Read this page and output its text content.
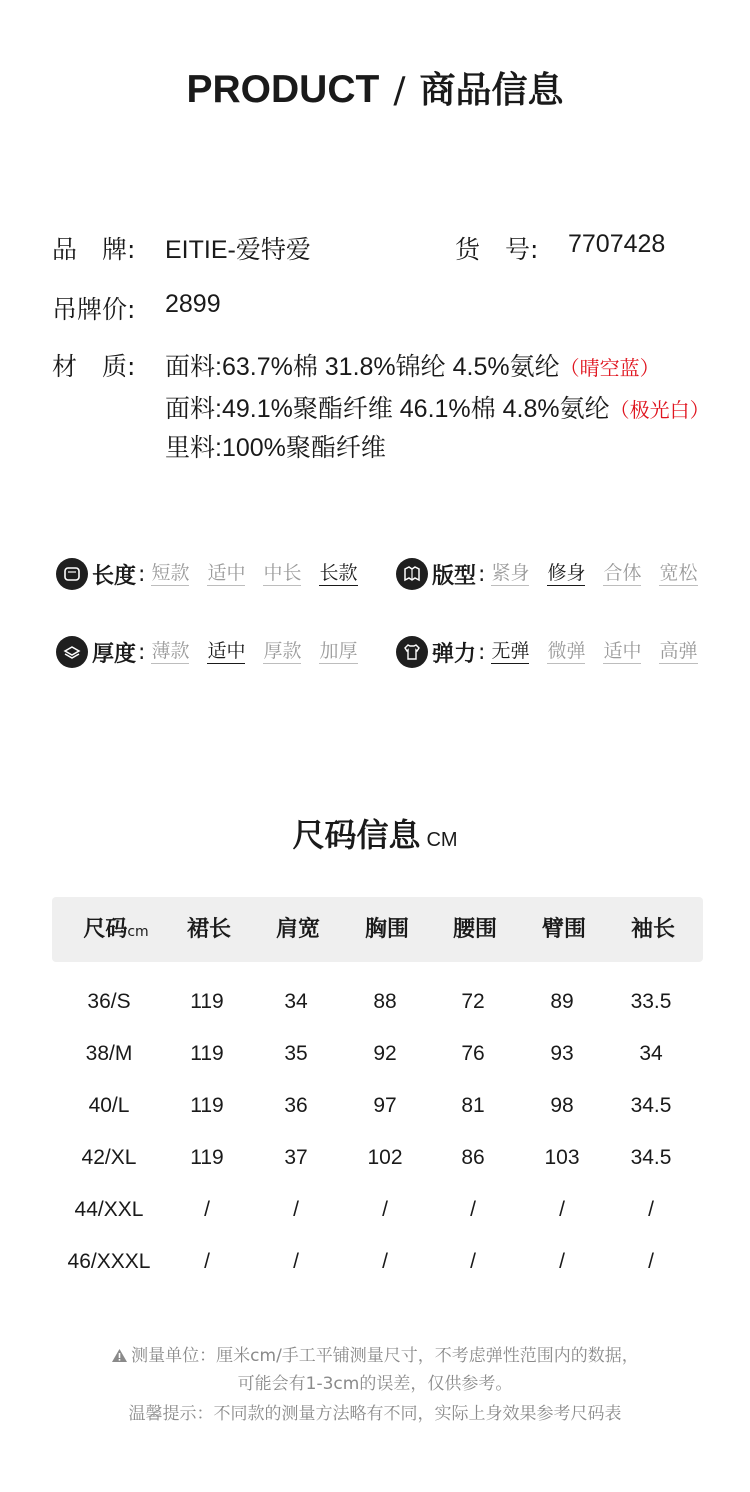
PRODUCT / 商品信息
品　牌: EITIE-爱特爱	货　号: 7707428
吊牌价: 2899
材　质: 面料:63.7%棉 31.8%锦纶 4.5%氨纶（晴空蓝）
面料:49.1%聚酯纤维 46.1%棉 4.8%氨纶（极光白）
里料:100%聚酯纤维
长度 : 短款 适中 中长 长款	版型 : 紧身 修身 合体 宽松
厚度 : 薄款 适中 厚款 加厚	弹力 : 无弹 微弹 适中 高弹
尺码信息 CM
尺码cm	裙长	肩宽	胸围	腰围	臂围	袖长
36/S	119	34	88	72	89	33.5
38/M	119	35	92	76	93	34
40/L	119	36	97	81	98	34.5
42/XL	119	37	102	86	103	34.5
44/XXL	/	/	/	/	/	/
46/XXXL	/	/	/	/	/	/
测量单位：厘米cm/手工平铺测量尺寸，不考虑弹性范围内的数据，
可能会有1-3cm的误差，仅供参考。
温馨提示：不同款的测量方法略有不同，实际上身效果参考尺码表
